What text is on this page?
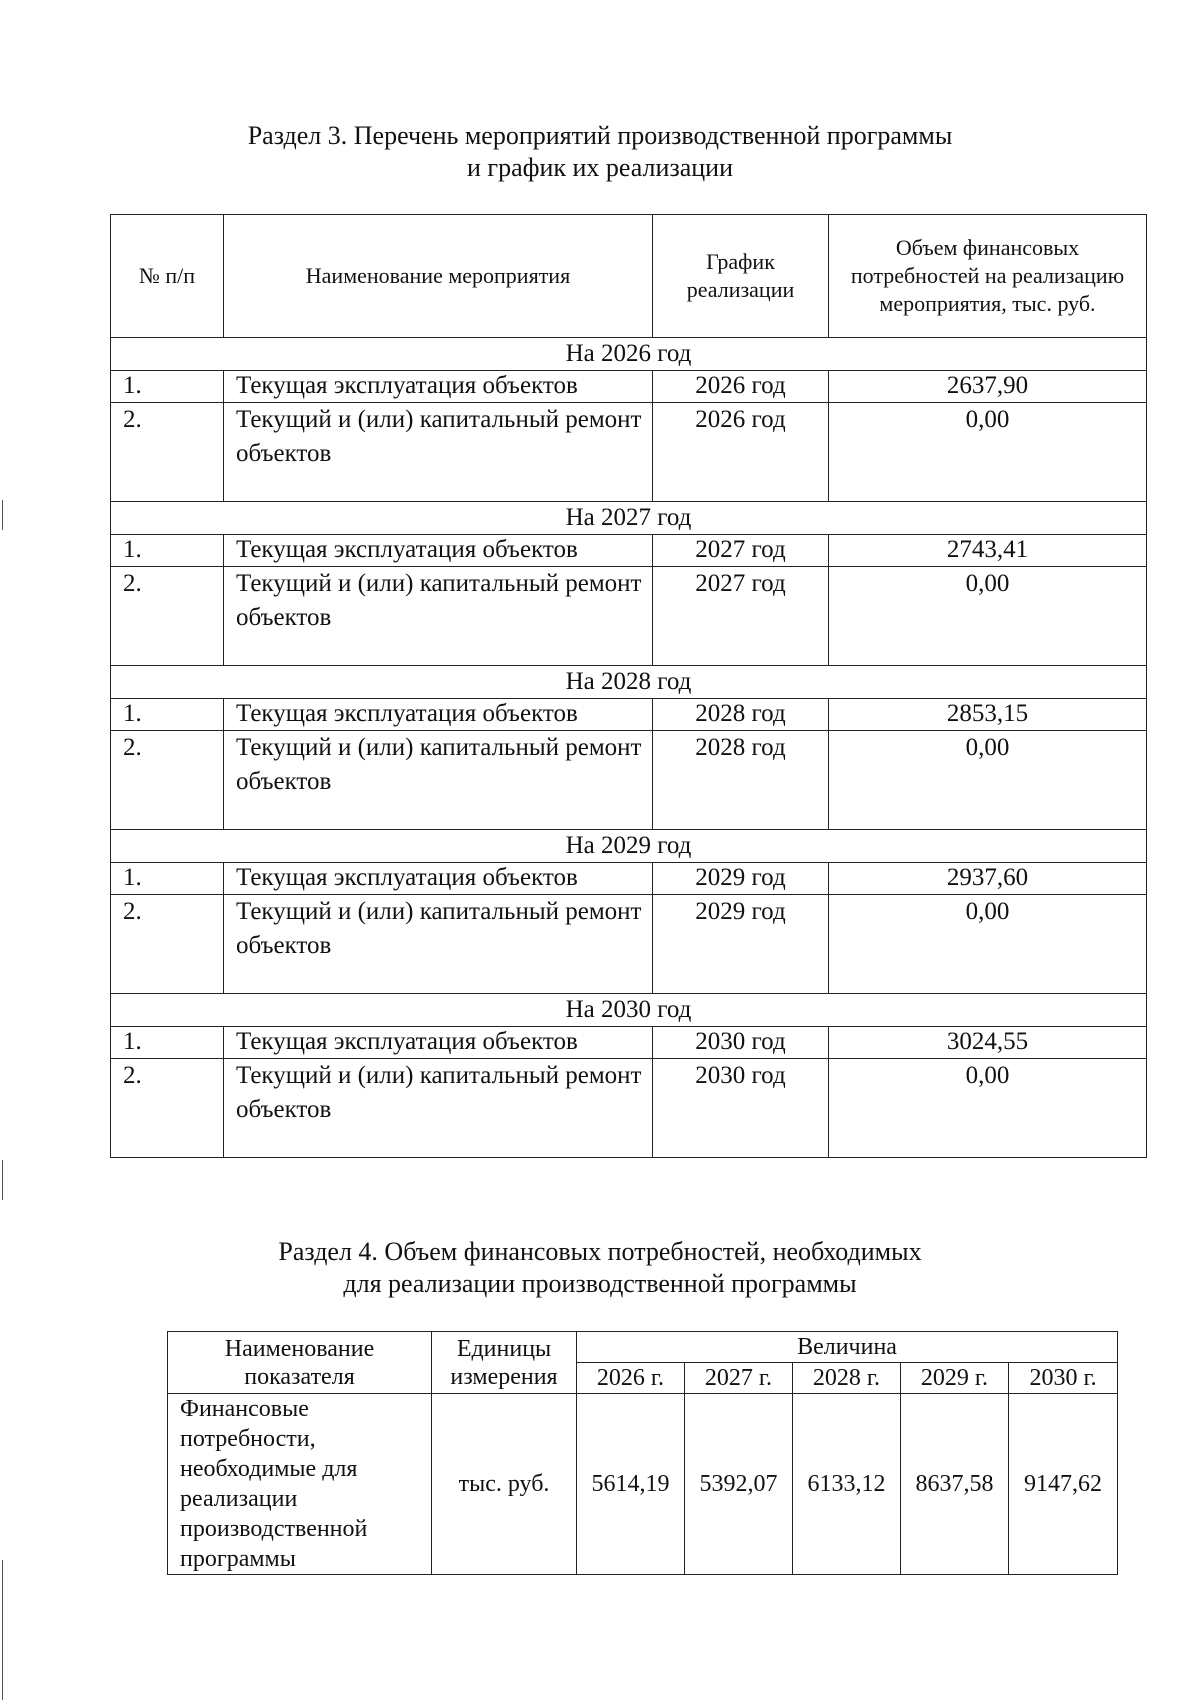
Раздел 3. Перечень мероприятий производственной программы
и график их реализации
№ п/п	Наименование мероприятия	График реализации	Объем финансовых потребностей на реализацию мероприятия, тыс. руб.
На 2026 год			
1.	Текущая эксплуатация объектов	2026 год	2637,90
2.	Текущий и (или) капитальный ремонт объектов	2026 год	0,00
На 2027 год			
1.	Текущая эксплуатация объектов	2027 год	2743,41
2.	Текущий и (или) капитальный ремонт объектов	2027 год	0,00
На 2028 год			
1.	Текущая эксплуатация объектов	2028 год	2853,15
2.	Текущий и (или) капитальный ремонт объектов	2028 год	0,00
На 2029 год			
1.	Текущая эксплуатация объектов	2029 год	2937,60
2.	Текущий и (или) капитальный ремонт объектов	2029 год	0,00
На 2030 год			
1.	Текущая эксплуатация объектов	2030 год	3024,55
2.	Текущий и (или) капитальный ремонт объектов	2030 год	0,00
Раздел 4. Объем финансовых потребностей, необходимых
для реализации производственной программы
Наименование показателя	Единицы измерения	Величина				
		2026 г.	2027 г.	2028 г.	2029 г.	2030 г.
Финансовые потребности, необходимые для реализации производственной программы	тыс. руб.	5614,19	5392,07	6133,12	8637,58	9147,62
